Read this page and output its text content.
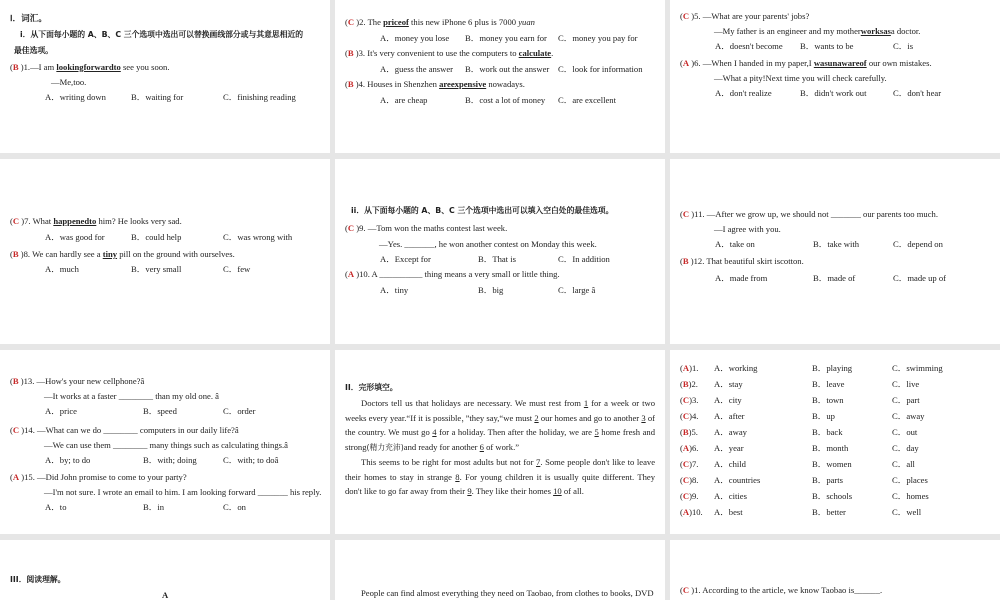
Ⅰ．词汇。
i．从下面每小题的 A、B、C 三个选项中选出可以替换画线部分或与其意思相近的
最佳选项。
(B )1.—I am lookingforwardto see you soon.
—Me,too.
A．writing down	B．waiting for	C．finishing reading
(C )2. The priceof this new iPhone 6 plus is 7000 yuan
A．money you lose B．money you earn for C．money you pay for
(B )3. It's very convenient to use the computers to calculate.
A．guess the answer B．work out the answer C．look for information
(B )4. Houses in Shenzhen areexpensive nowadays.
A．are cheap	B．cost a lot of money C．are excellent
(C )5. —What are your parents' jobs?
—My father is an engineer and my motherworksasa doctor.
A．doesn't become B．wants to be	C．is
(A )6. —When I handed in my paper,I wasunawareof our own mistakes.
—What a pity!Next time you will check carefully.
A．don't realize	B．didn't work out	C．don't hear
(C )7. What happenedto him? He looks very sad.
A．was good for	B．could help	C．was wrong with
(B )8. We can hardly see a tiny pill on the ground with ourselves.
A．much	B．very small	C．few
ii．从下面每小题的 A、B、C 三个选项中选出可以填入空白处的最佳选项。
(C )9. —Tom won the maths contest last week.
—Yes. _______, he won another contest on Monday this week.
A．Except for	B．That is	C．In addition
(A )10. A __________ thing means a very small or little thing.
A．tiny	B．big	C．large â
(C )11. —After we grow up, we should not _______ our parents too much.
—I agree with you.
A．take on	B．take with	C．depend on
(B )12. That beautiful skirt iscotton.
A．made from	B．made of	C．made up of
(B )13. —How's your new cellphone?â
—It works at a faster ________ than my old one. â
A．price	B．speed	C．order
(C )14. —What can we do ________ computers in our daily life?â
—We can use them ________ many things such as calculating things.â
A．by; to do	B．with; doing	C．with; to doâ
(A )15. —Did John promise to come to your party?
—I'm not sure. I wrote an email to him. I am looking forward _______ his reply.
A．to	B．in	C．on
II．完形填空。

Doctors tell us that holidays are necessary. We must rest from 1 for a week or two weeks every year.“If it is possible，”they say,“we must 2 our homes and go to another 3 of the country. We must go 4 for a holiday. Then after the holiday, we are 5 home fresh and strong(精力充沛)and ready for another 6 of work.”

This seems to be right for most adults but not for 7. Some people don't like to leave their homes to stay in strange 8. For young children it is usually quite different. They don't like to go far away from their 9. They like their homes 10 of all.

(A)1. A．working	B．playing	C．swimming
(B)2. A．stay	B．leave	C．live
(C)3. A．city	B．town	C．part
(C)4. A．after	B．up	C．away
(B)5. A．away	B．back	C．out
(A)6. A．year	B．month	C．day
(C)7. A．child	B．women	C．all
(C)8. A．countries	B．parts	C．places
(C)9. A．cities	B．schools	C．homes
(A)10. A．best	B．better	C．well
III．阅读理解。
A	People can find almost everything they need on Taobao, from clothes to books, DVD	(C )1. According to the article, we know Taobao is______.
